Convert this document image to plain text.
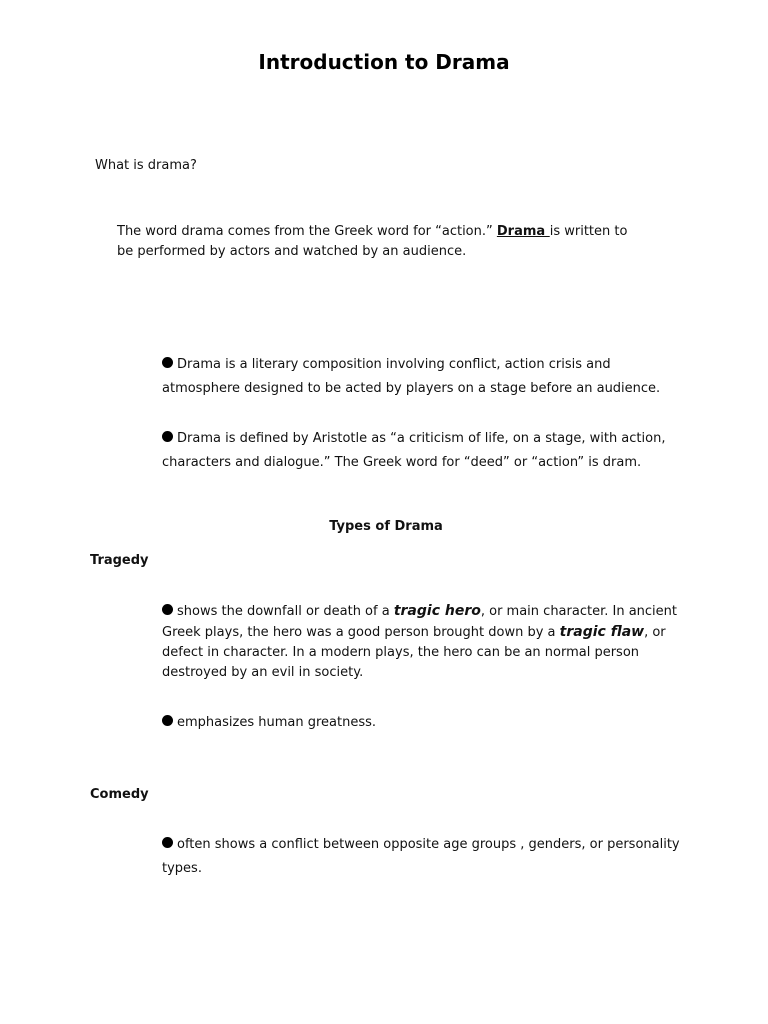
Introduction to Drama
What is drama?
The word drama comes from the Greek word for “action.” Drama is written to be performed by actors and watched by an audience.
Drama is a literary composition involving conflict, action crisis and atmosphere designed to be acted by players on a stage before an audience.
Drama is defined by Aristotle as “a criticism of life, on a stage, with action, characters and dialogue.” The Greek word for “deed” or “action” is dram.
Types of Drama
Tragedy
shows the downfall or death of a tragic hero, or main character. In ancient Greek plays, the hero was a good person brought down by a tragic flaw, or defect in character. In a modern plays, the hero can be an normal person destroyed by an evil in society.
emphasizes human greatness.
Comedy
often shows a conflict between opposite age groups , genders, or personality types.
